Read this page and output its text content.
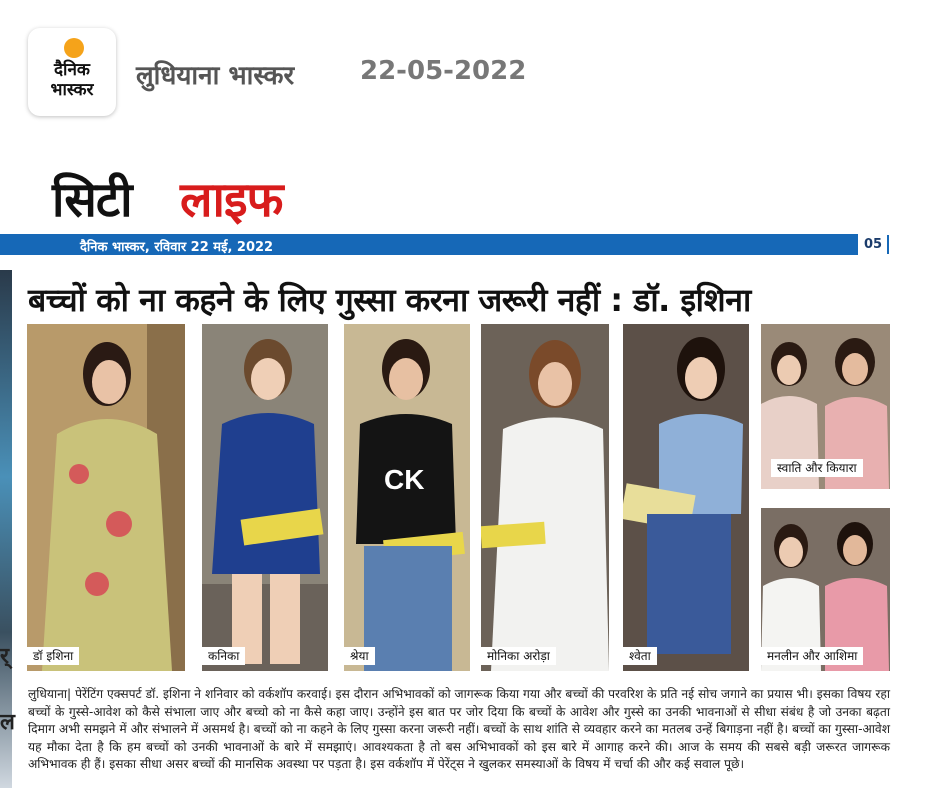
दैनिक
भास्कर	लुधियाना भास्कर	22-05-2022
सिटी लाइफ
दैनिक भास्कर, रविवार 22 मई, 2022	05
र्
ल
बच्चों को ना कहने के लिए गुस्सा करना जरूरी नहीं : डॉ. इशिना
डॉ इशिना	कनिका
CK
श्रेया	मोनिका अरोड़ा	श्वेता
स्वाति और कियारा
मनलीन और आशिमा
लुधियाना| पेरेंटिंग एक्सपर्ट डॉ. इशिना ने शनिवार को वर्कशॉप करवाई। इस दौरान अभिभावकों को जागरूक किया गया और बच्चों की परवरिश के प्रति नई सोच जगाने का प्रयास भी। इसका विषय रहा बच्चों के गुस्से-आवेश को कैसे संभाला जाए और बच्चो को ना कैसे कहा जाए। उन्होंने इस बात पर जोर दिया कि बच्चों के आवेश और गुस्से का उनकी भावनाओं से सीधा संबंध है जो उनका बढ़ता दिमाग अभी समझने में और संभालने में असमर्थ है। बच्चों को ना कहने के लिए गुस्सा करना जरूरी नहीं। बच्चों के साथ शांति से व्यवहार करने का मतलब उन्हें बिगाड़ना नहीं है। बच्चों का गुस्सा-आवेश यह मौका देता है कि हम बच्चों को उनकी भावनाओं के बारे में समझाएं। आवश्यकता है तो बस अभिभावकों को इस बारे में आगाह करने की। आज के समय की सबसे बड़ी जरूरत जागरूक अभिभावक ही हैं। इसका सीधा असर बच्चों की मानसिक अवस्था पर पड़ता है। इस वर्कशॉप में पेरेंट्स ने खुलकर समस्याओं के विषय में चर्चा की और कई सवाल पूछे।
